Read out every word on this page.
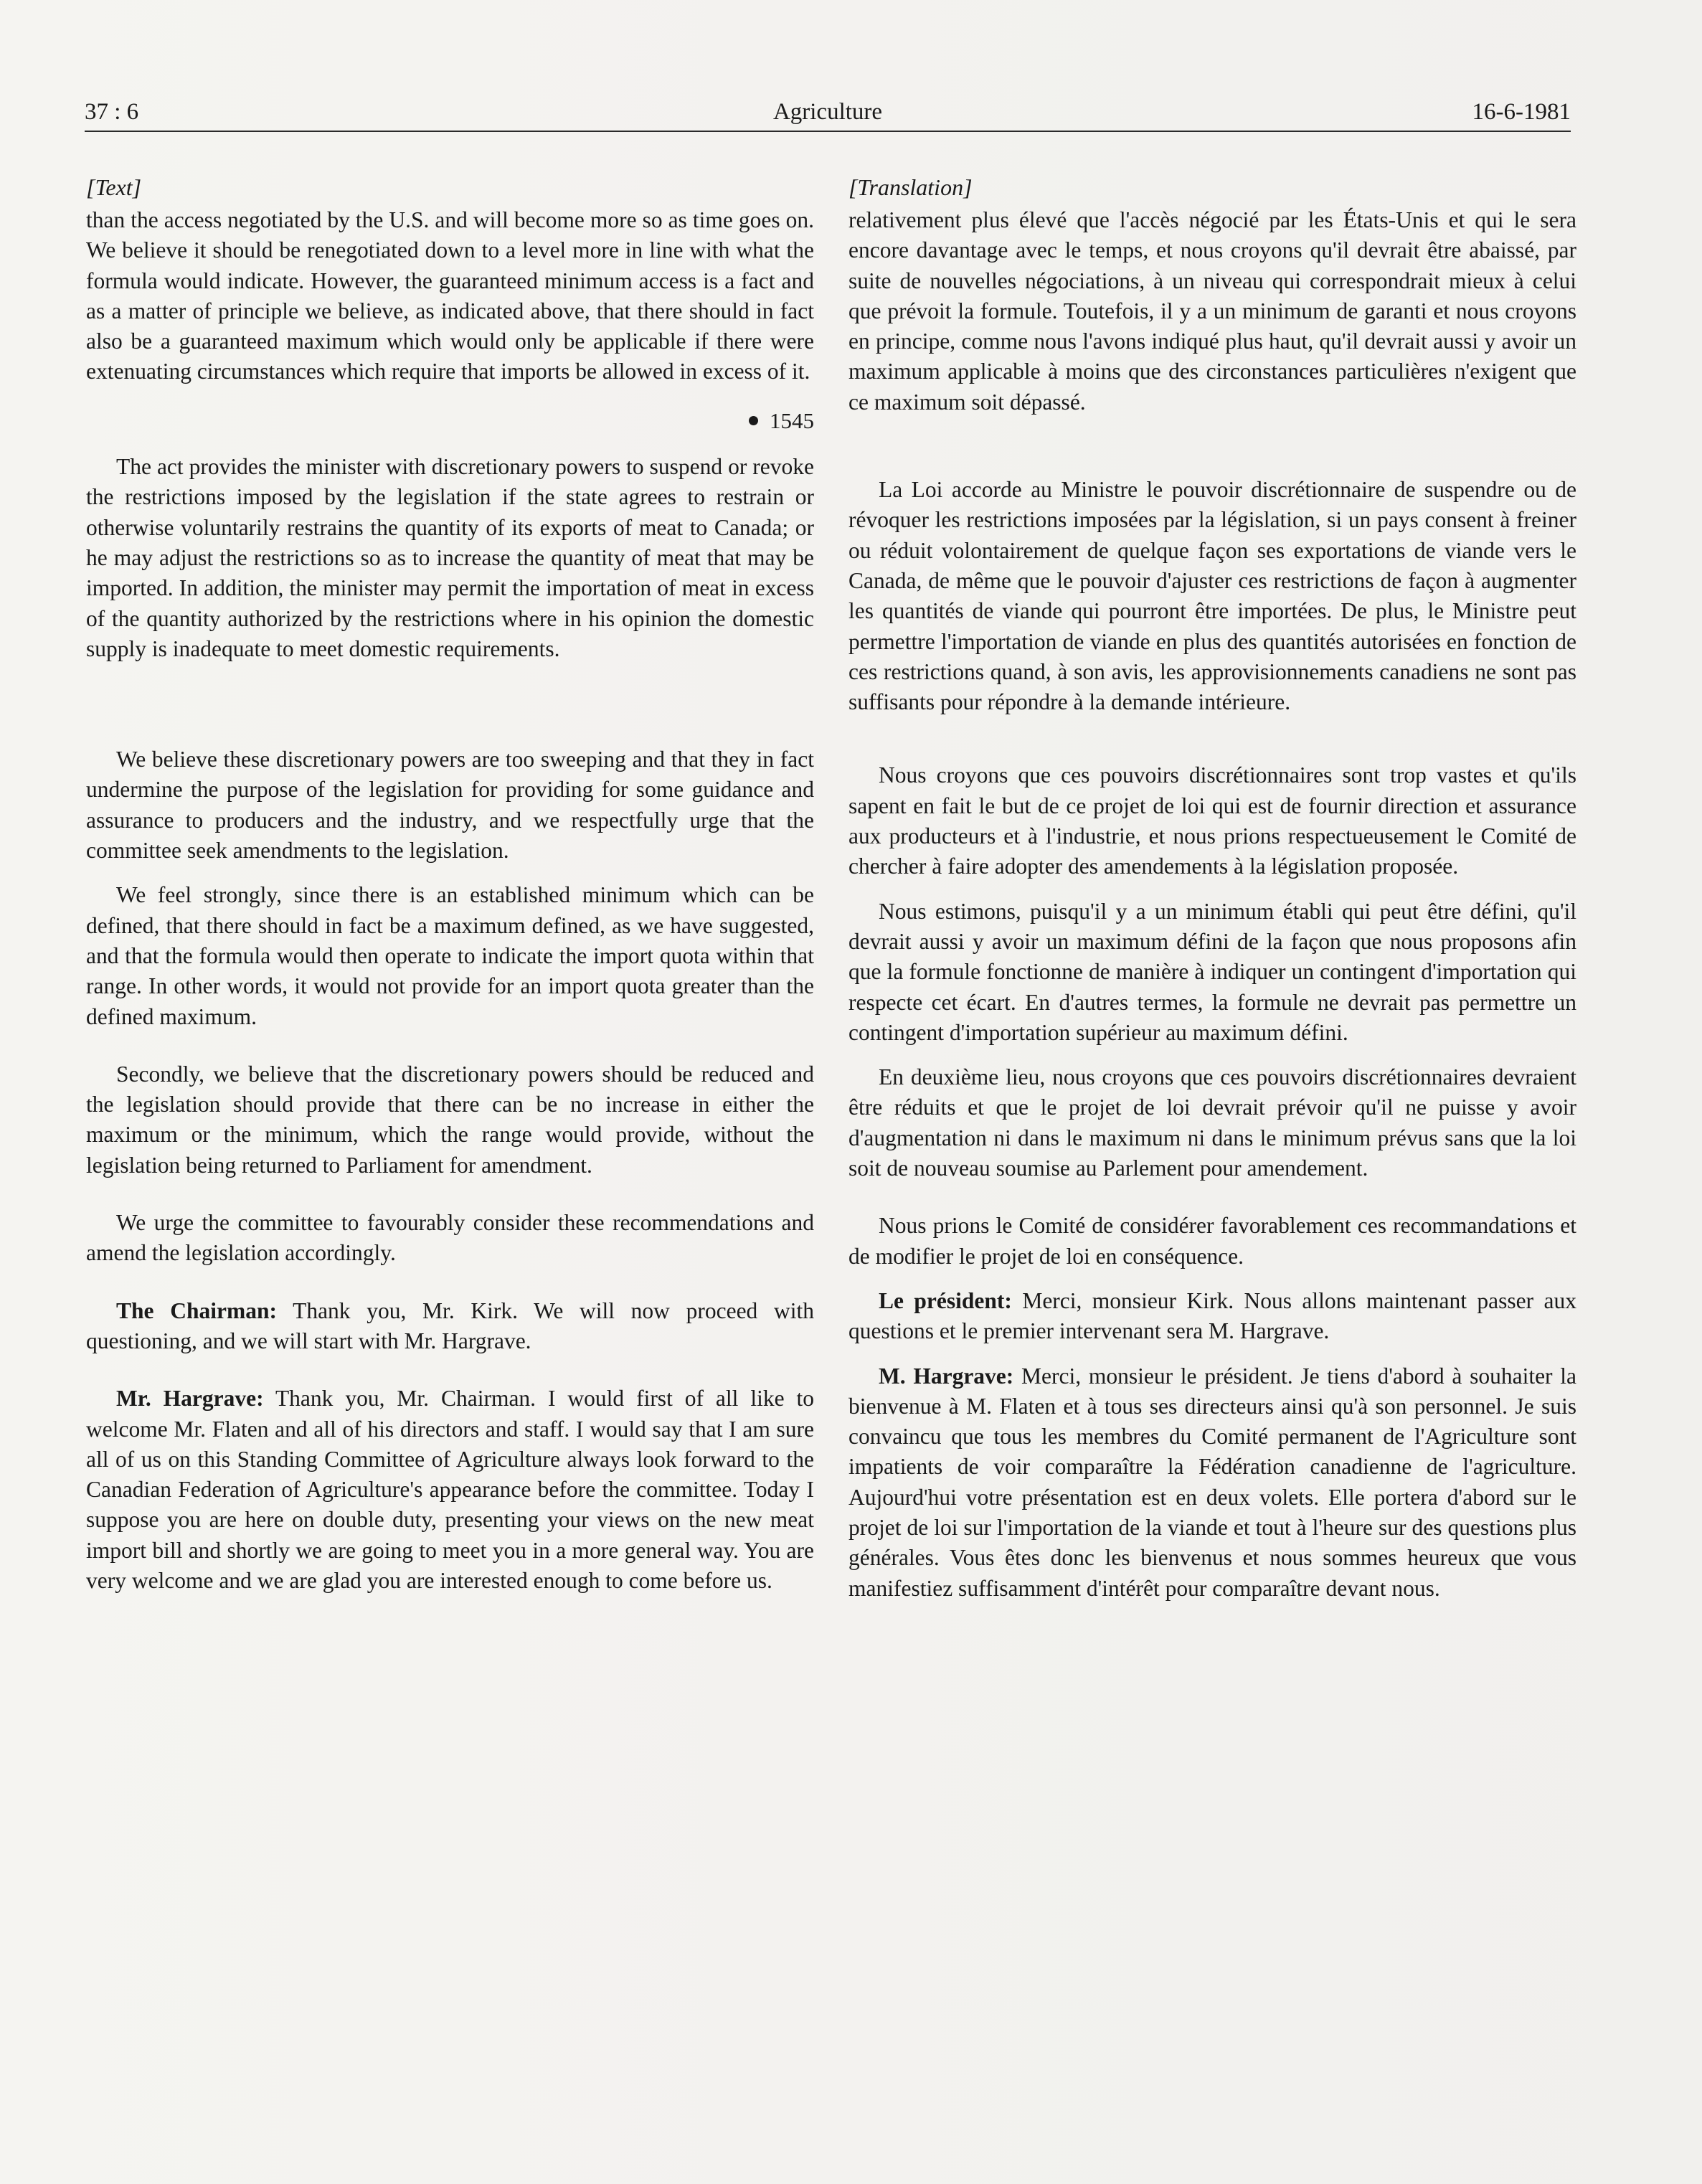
37 : 6	Agriculture	16-6-1981
[Text]

than the access negotiated by the U.S. and will become more so as time goes on. We believe it should be renegotiated down to a level more in line with what the formula would indicate. However, the guaranteed minimum access is a fact and as a matter of principle we believe, as indicated above, that there should in fact also be a guaranteed maximum which would only be applicable if there were extenuating circumstances which require that imports be allowed in excess of it.

1545

The act provides the minister with discretionary powers to suspend or revoke the restrictions imposed by the legislation if the state agrees to restrain or otherwise voluntarily restrains the quantity of its exports of meat to Canada; or he may adjust the restrictions so as to increase the quantity of meat that may be imported. In addition, the minister may permit the importation of meat in excess of the quantity authorized by the restrictions where in his opinion the domestic supply is inadequate to meet domestic requirements.

We believe these discretionary powers are too sweeping and that they in fact undermine the purpose of the legislation for providing for some guidance and assurance to producers and the industry, and we respectfully urge that the committee seek amendments to the legislation.

We feel strongly, since there is an established minimum which can be defined, that there should in fact be a maximum defined, as we have suggested, and that the formula would then operate to indicate the import quota within that range. In other words, it would not provide for an import quota greater than the defined maximum.

Secondly, we believe that the discretionary powers should be reduced and the legislation should provide that there can be no increase in either the maximum or the minimum, which the range would provide, without the legislation being returned to Parliament for amendment.

We urge the committee to favourably consider these recommendations and amend the legislation accordingly.

The Chairman: Thank you, Mr. Kirk. We will now proceed with questioning, and we will start with Mr. Hargrave.

Mr. Hargrave: Thank you, Mr. Chairman. I would first of all like to welcome Mr. Flaten and all of his directors and staff. I would say that I am sure all of us on this Standing Committee of Agriculture always look forward to the Canadian Federation of Agriculture's appearance before the committee. Today I suppose you are here on double duty, presenting your views on the new meat import bill and shortly we are going to meet you in a more general way. You are very welcome and we are glad you are interested enough to come before us.

[Translation]

relativement plus élevé que l'accès négocié par les États-Unis et qui le sera encore davantage avec le temps, et nous croyons qu'il devrait être abaissé, par suite de nouvelles négociations, à un niveau qui correspondrait mieux à celui que prévoit la formule. Toutefois, il y a un minimum de garanti et nous croyons en principe, comme nous l'avons indiqué plus haut, qu'il devrait aussi y avoir un maximum applicable à moins que des circonstances particulières n'exigent que ce maximum soit dépassé.

La Loi accorde au Ministre le pouvoir discrétionnaire de suspendre ou de révoquer les restrictions imposées par la législation, si un pays consent à freiner ou réduit volontairement de quelque façon ses exportations de viande vers le Canada, de même que le pouvoir d'ajuster ces restrictions de façon à augmenter les quantités de viande qui pourront être importées. De plus, le Ministre peut permettre l'importation de viande en plus des quantités autorisées en fonction de ces restrictions quand, à son avis, les approvisionnements canadiens ne sont pas suffisants pour répondre à la demande intérieure.

Nous croyons que ces pouvoirs discrétionnaires sont trop vastes et qu'ils sapent en fait le but de ce projet de loi qui est de fournir direction et assurance aux producteurs et à l'industrie, et nous prions respectueusement le Comité de chercher à faire adopter des amendements à la législation proposée.

Nous estimons, puisqu'il y a un minimum établi qui peut être défini, qu'il devrait aussi y avoir un maximum défini de la façon que nous proposons afin que la formule fonctionne de manière à indiquer un contingent d'importation qui respecte cet écart. En d'autres termes, la formule ne devrait pas permettre un contingent d'importation supérieur au maximum défini.

En deuxième lieu, nous croyons que ces pouvoirs discrétionnaires devraient être réduits et que le projet de loi devrait prévoir qu'il ne puisse y avoir d'augmentation ni dans le maximum ni dans le minimum prévus sans que la loi soit de nouveau soumise au Parlement pour amendement.

Nous prions le Comité de considérer favorablement ces recommandations et de modifier le projet de loi en conséquence.

Le président: Merci, monsieur Kirk. Nous allons maintenant passer aux questions et le premier intervenant sera M. Hargrave.

M. Hargrave: Merci, monsieur le président. Je tiens d'abord à souhaiter la bienvenue à M. Flaten et à tous ses directeurs ainsi qu'à son personnel. Je suis convaincu que tous les membres du Comité permanent de l'Agriculture sont impatients de voir comparaître la Fédération canadienne de l'agriculture. Aujourd'hui votre présentation est en deux volets. Elle portera d'abord sur le projet de loi sur l'importation de la viande et tout à l'heure sur des questions plus générales. Vous êtes donc les bienvenus et nous sommes heureux que vous manifestiez suffisamment d'intérêt pour comparaître devant nous.
